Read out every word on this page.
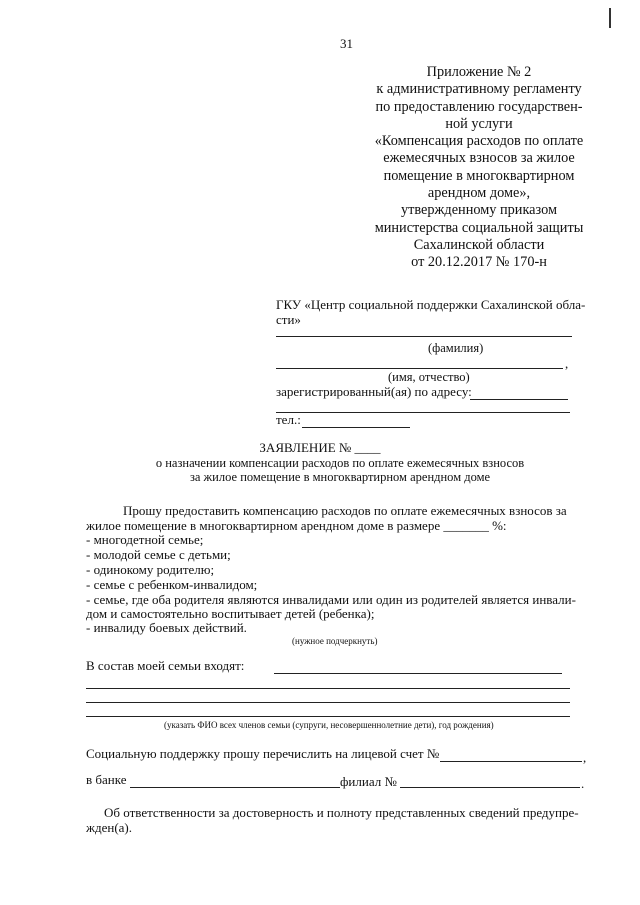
31
Приложение № 2
к административному регламенту
по предоставлению государствен-
ной услуги
«Компенсация расходов по оплате
ежемесячных взносов за жилое
помещение в многоквартирном
арендном доме»,
утвержденному приказом
министерства социальной защиты
Сахалинской области
от 20.12.2017 № 170-н
ГКУ «Центр социальной поддержки Сахалинской обла-
сти»
(фамилия)
,
(имя, отчество)
зарегистрированный(ая) по адресу:
тел.:
ЗАЯВЛЕНИЕ № ____
о назначении компенсации расходов по оплате ежемесячных взносов
за жилое помещение в многоквартирном арендном доме
Прошу предоставить компенсацию расходов по оплате ежемесячных взносов за
жилое помещение в многоквартирном арендном доме в размере _______ %:
- многодетной семье;
- молодой семье с детьми;
- одинокому родителю;
- семье с ребенком-инвалидом;
- семье, где оба родителя являются инвалидами или один из родителей является инвали-
дом и самостоятельно воспитывает детей (ребенка);
- инвалиду боевых действий.
(нужное подчеркнуть)
В состав моей семьи входят:
(указать ФИО всех членов семьи (супруги, несовершеннолетние дети), год рождения)
Социальную поддержку прошу перечислить на лицевой счет №	,
в банке	филиал №	.
Об ответственности за достоверность и полноту представленных сведений предупре-
жден(а).
